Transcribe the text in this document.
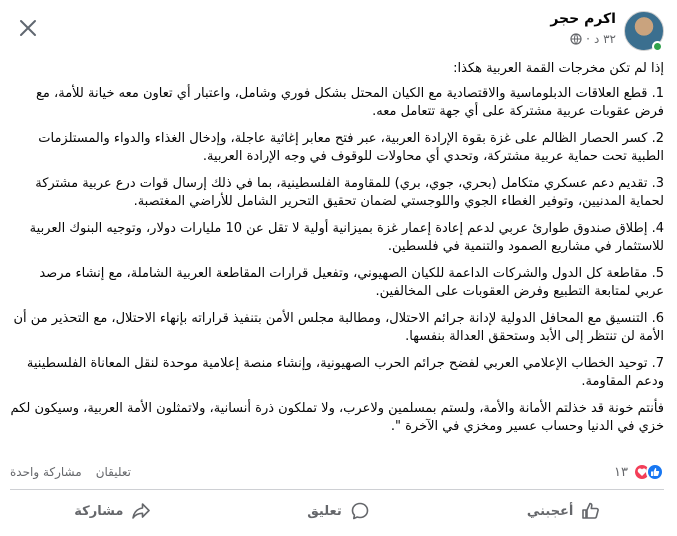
اكرم حجر
٣٢ د
·

إذا لم تكن مخرجات القمة العربية هكذا:

1. قطع العلاقات الدبلوماسية والاقتصادية مع الكيان المحتل بشكل فوري وشامل، واعتبار أي تعاون معه خيانة للأمة، مع فرض عقوبات عربية مشتركة على أي جهة تتعامل معه.

2. كسر الحصار الظالم على غزة بقوة الإرادة العربية، عبر فتح معابر إغاثية عاجلة، وإدخال الغذاء والدواء والمستلزمات الطبية تحت حماية عربية مشتركة، وتحدي أي محاولات للوقوف في وجه الإرادة العربية.

3. تقديم دعم عسكري متكامل (بحري، جوي، بري) للمقاومة الفلسطينية، بما في ذلك إرسال قوات درع عربية مشتركة لحماية المدنيين، وتوفير الغطاء الجوي واللوجستي لضمان تحقيق التحرير الشامل للأراضي المغتصبة.

4. إطلاق صندوق طوارئ عربي لدعم إعادة إعمار غزة بميزانية أولية لا تقل عن 10 مليارات دولار، وتوجيه البنوك العربية للاستثمار في مشاريع الصمود والتنمية في فلسطين.

5. مقاطعة كل الدول والشركات الداعمة للكيان الصهيوني، وتفعيل قرارات المقاطعة العربية الشاملة، مع إنشاء مرصد عربي لمتابعة التطبيع وفرض العقوبات على المخالفين.

6. التنسيق مع المحافل الدولية لإدانة جرائم الاحتلال، ومطالبة مجلس الأمن بتنفيذ قراراته بإنهاء الاحتلال، مع التحذير من أن الأمة لن تنتظر إلى الأبد وستحقق العدالة بنفسها.

7. توحيد الخطاب الإعلامي العربي لفضح جرائم الحرب الصهيونية، وإنشاء منصة إعلامية موحدة لنقل المعاناة الفلسطينية ودعم المقاومة.

فأنتم خونة قد خذلتم الأمانة والأمة، ولستم بمسلمين ولاعرب، ولا تملكون ذرة أنسانية، ولاتمثلون الأمة العربية، وسيكون لكم خزي في الدنيا وحساب عسير ومخزي في الآخرة ".

١٣
تعليقان
مشاركة واحدة
أعجبني
تعليق
مشاركة
